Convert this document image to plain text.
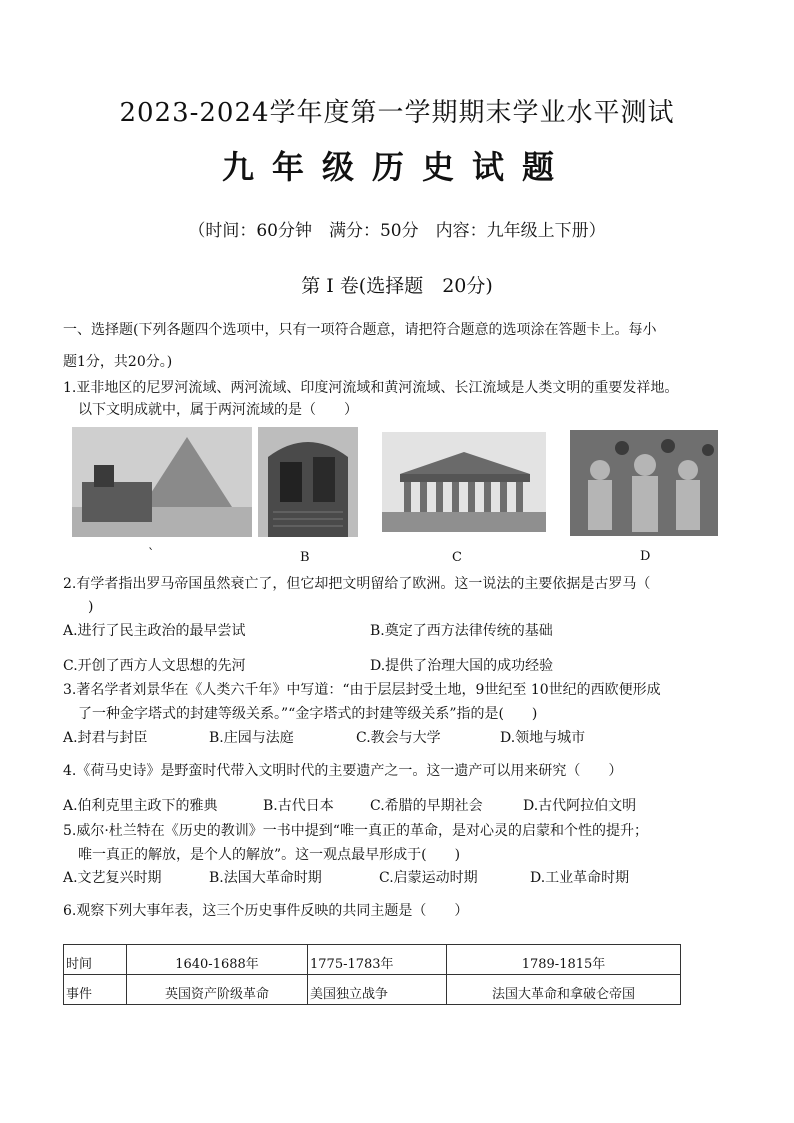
2023-2024学年度第一学期期末学业水平测试
九年级历史试题
（时间：60分钟　满分：50分　内容：九年级上下册）
第 Ⅰ 卷(选择题　20分)
一、选择题(下列各题四个选项中，只有一项符合题意，请把符合题意的选项涂在答题卡上。每小
题1分，共20分。)
1.亚非地区的尼罗河流域、两河流域、印度河流域和黄河流域、长江流域是人类文明的重要发祥地。
以下文明成就中，属于两河流域的是（　　）
`	B	C	D
2.有学者指出罗马帝国虽然衰亡了，但它却把文明留给了欧洲。这一说法的主要依据是古罗马（
)
A.进行了民主政治的最早尝试	B.奠定了西方法律传统的基础
C.开创了西方人文思想的先河	D.提供了治理大国的成功经验
3.著名学者刘景华在《人类六千年》中写道：“由于层层封受土地，9世纪至 10世纪的西欧便形成
了一种金字塔式的封建等级关系。”“金字塔式的封建等级关系”指的是(　　)
A.封君与封臣	B.庄园与法庭	C.教会与大学	D.领地与城市
4.《荷马史诗》是野蛮时代带入文明时代的主要遗产之一。这一遗产可以用来研究（　　）
A.伯利克里主政下的雅典	B.古代日本	C.希腊的早期社会	D.古代阿拉伯文明
5.威尔·杜兰特在《历史的教训》一书中提到“唯一真正的革命，是对心灵的启蒙和个性的提升；
唯一真正的解放，是个人的解放”。这一观点最早形成于(　　)
A.文艺复兴时期	B.法国大革命时期	C.启蒙运动时期	D.工业革命时期
6.观察下列大事年表，这三个历史事件反映的共同主题是（　　）
时间	1640-1688年	1775-1783年	1789-1815年
事件	英国资产阶级革命	美国独立战争	法国大革命和拿破仑帝国
